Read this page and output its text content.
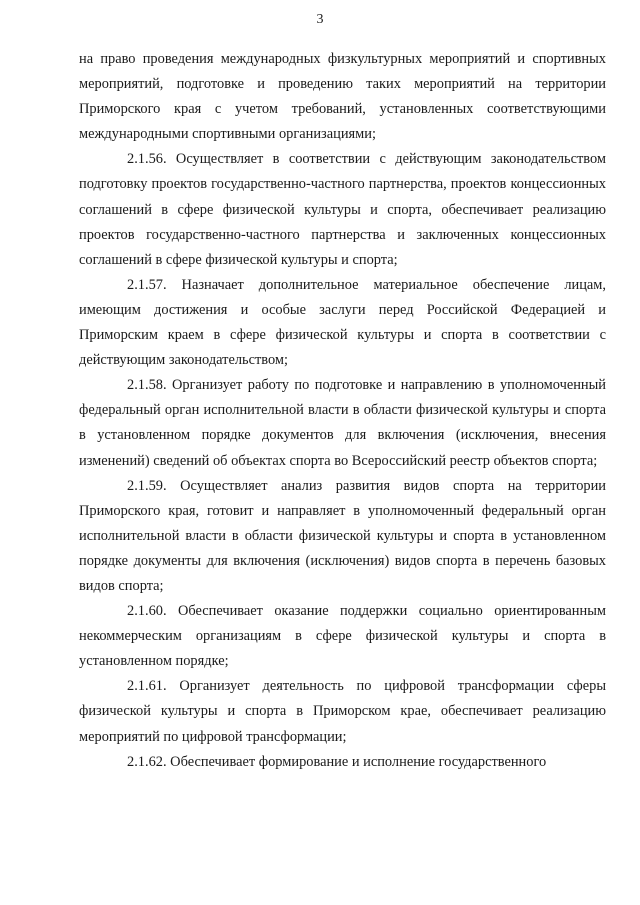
3

на право проведения международных физкультурных мероприятий и спортивных мероприятий, подготовке и проведению таких мероприятий на территории Приморского края с учетом требований, установленных соответствующими международными спортивными организациями;

2.1.56. Осуществляет в соответствии с действующим законодательством подготовку проектов государственно-частного партнерства, проектов концессионных соглашений в сфере физической культуры и спорта, обеспечивает реализацию проектов государственно-частного партнерства и заключенных концессионных соглашений в сфере физической культуры и спорта;

2.1.57. Назначает дополнительное материальное обеспечение лицам, имеющим достижения и особые заслуги перед Российской Федерацией и Приморским краем в сфере физической культуры и спорта в соответствии с действующим законодательством;

2.1.58. Организует работу по подготовке и направлению в уполномоченный федеральный орган исполнительной власти в области физической культуры и спорта в установленном порядке документов для включения (исключения, внесения изменений) сведений об объектах спорта во Всероссийский реестр объектов спорта;

2.1.59. Осуществляет анализ развития видов спорта на территории Приморского края, готовит и направляет в уполномоченный федеральный орган исполнительной власти в области физической культуры и спорта в установленном порядке документы для включения (исключения) видов спорта в перечень базовых видов спорта;

2.1.60. Обеспечивает оказание поддержки социально ориентированным некоммерческим организациям в сфере физической культуры и спорта в установленном порядке;

2.1.61. Организует деятельность по цифровой трансформации сферы физической культуры и спорта в Приморском крае, обеспечивает реализацию мероприятий по цифровой трансформации;

2.1.62. Обеспечивает формирование и исполнение государственного
